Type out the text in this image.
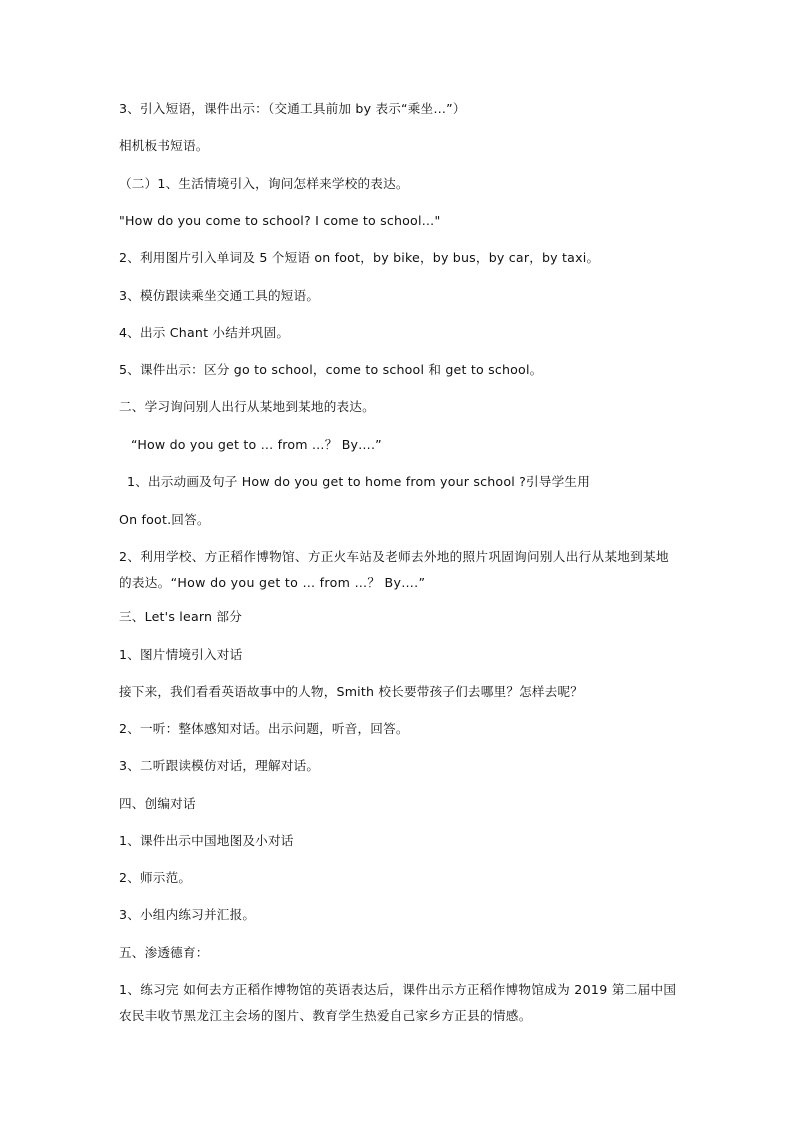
3、引入短语，课件出示：（交通工具前加 by 表示“乘坐…”）
相机板书短语。
（二）1、生活情境引入，询问怎样来学校的表达。
"How do you come to school? I come to school…"
2、利用图片引入单词及 5 个短语 on foot，by bike，by bus，by car，by taxi。
3、模仿跟读乘坐交通工具的短语。
4、出示 Chant 小结并巩固。
5、课件出示：区分 go to school，come to school 和 get to school。
二、学习询问别人出行从某地到某地的表达。
“How do you get to … from …？ By….”
1、出示动画及句子 How do you get to home from your school ?引导学生用
On foot.回答。
2、利用学校、方正稻作博物馆、方正火车站及老师去外地的照片巩固询问别人出行从某地到某地的表达。“How do you get to … from …？ By….”
三、Let's learn 部分
1、图片情境引入对话
接下来，我们看看英语故事中的人物，Smith 校长要带孩子们去哪里？怎样去呢？
2、一听：整体感知对话。出示问题，听音，回答。
3、二听跟读模仿对话，理解对话。
四、创编对话
1、课件出示中国地图及小对话
2、师示范。
3、小组内练习并汇报。
五、渗透德育：
1、练习完 如何去方正稻作博物馆的英语表达后，课件出示方正稻作博物馆成为 2019 第二届中国农民丰收节黑龙江主会场的图片、教育学生热爱自己家乡方正县的情感。
